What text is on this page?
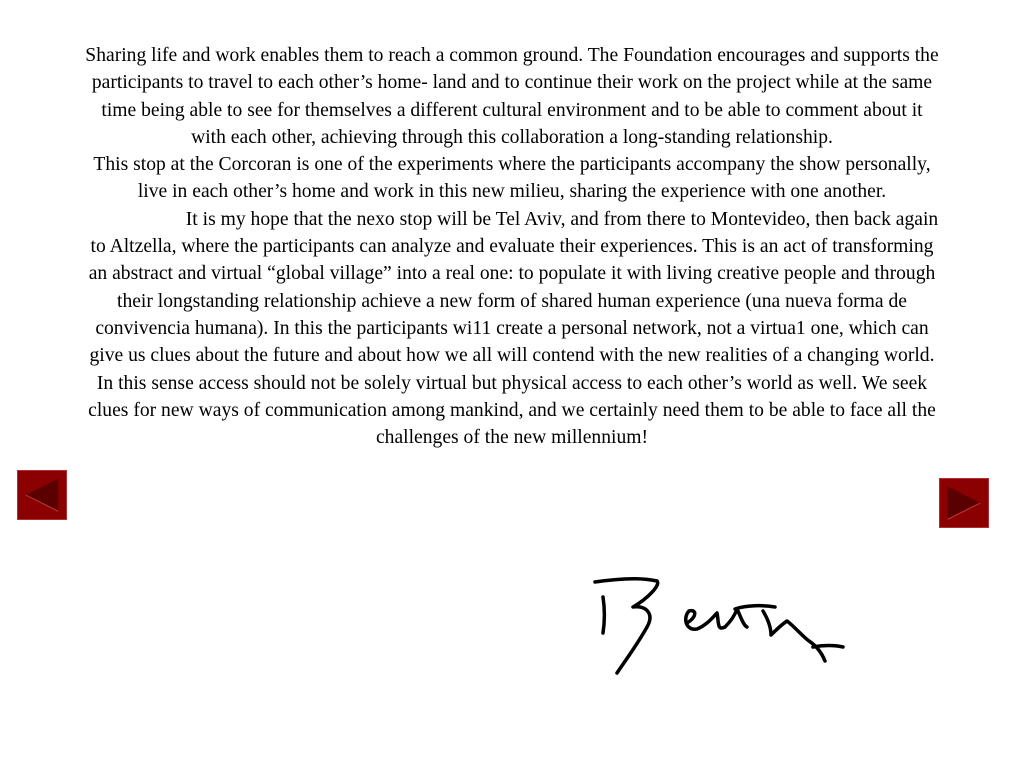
Sharing life and work enables them to reach a common ground. The Foundation encourages and supports the participants to travel to each other’s home- land and to continue their work on the project while at the same time being able to see for themselves a different cultural environment and to be able to comment about it with each other, achieving through this collaboration a long-standing relationship.

This stop at the Corcoran is one of the experiments where the participants accompany the show personally, live in each other’s home and work in this new milieu, sharing the experience with one another.

It is my hope that the nexo stop will be Tel Aviv, and from there to Montevideo, then back again to Altzella, where the participants can analyze and evaluate their experiences. This is an act of transforming an abstract and virtual “global village” into a real one: to populate it with living creative people and through their longstanding relationship achieve a new form of shared human experience (una nueva forma de convivencia humana). In this the participants wi11 create a personal network, not a virtua1 one, which can give us clues about the future and about how we all will contend with the new realities of a changing world. In this sense access should not be solely virtual but physical access to each other’s world as well. We seek clues for new ways of communication among mankind, and we certainly need them to be able to face all the challenges of the new millennium!
